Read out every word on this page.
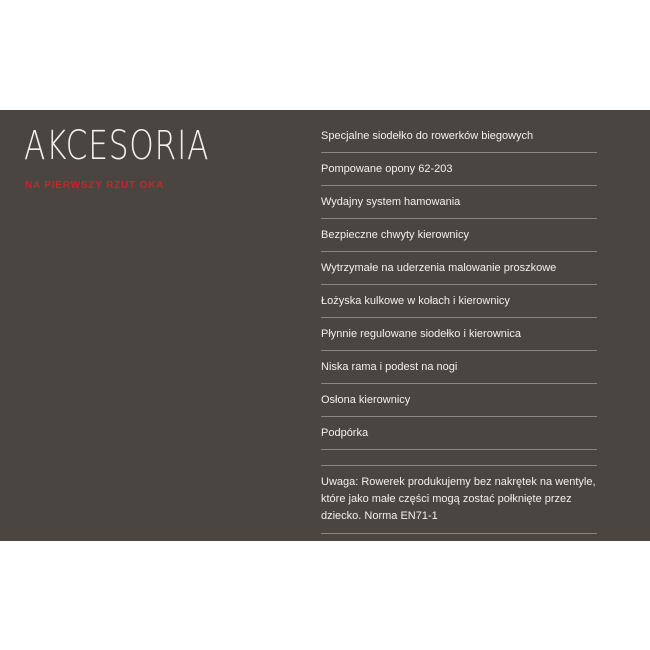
AKCESORIA

NA PIERWSZY RZUT OKA

Specjalne siodełko do rowerków biegowych
Pompowane opony 62-203
Wydajny system hamowania
Bezpieczne chwyty kierownicy
Wytrzymałe na uderzenia malowanie proszkowe
Łożyska kulkowe w kołach i kierownicy
Płynnie regulowane siodełko i kierownica
Niska rama i podest na nogi
Osłona kierownicy
Podpórka

Uwaga: Rowerek produkujemy bez nakrętek na wentyle, które jako małe części mogą zostać połknięte przez dziecko. Norma EN71-1
